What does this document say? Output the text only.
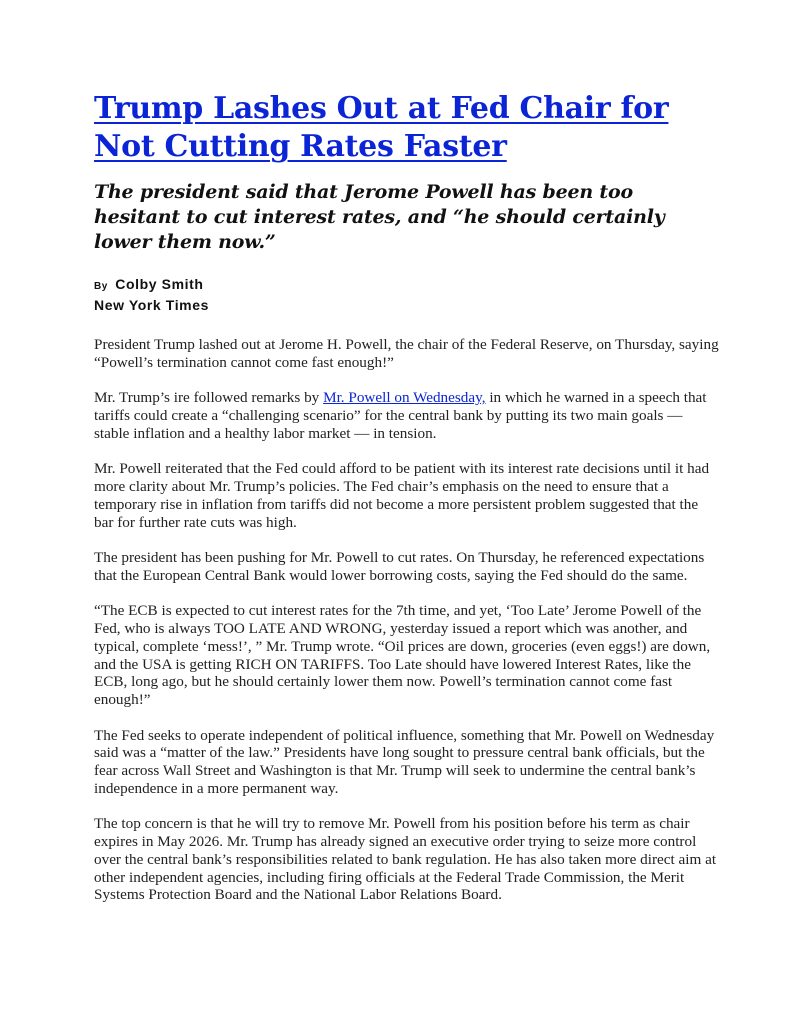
Trump Lashes Out at Fed Chair for Not Cutting Rates Faster
The president said that Jerome Powell has been too hesitant to cut interest rates, and “he should certainly lower them now.”
By Colby Smith
New York Times

President Trump lashed out at Jerome H. Powell, the chair of the Federal Reserve, on Thursday, saying “Powell’s termination cannot come fast enough!”

Mr. Trump’s ire followed remarks by Mr. Powell on Wednesday, in which he warned in a speech that tariffs could create a “challenging scenario” for the central bank by putting its two main goals — stable inflation and a healthy labor market — in tension.

Mr. Powell reiterated that the Fed could afford to be patient with its interest rate decisions until it had more clarity about Mr. Trump’s policies. The Fed chair’s emphasis on the need to ensure that a temporary rise in inflation from tariffs did not become a more persistent problem suggested that the bar for further rate cuts was high.

The president has been pushing for Mr. Powell to cut rates. On Thursday, he referenced expectations that the European Central Bank would lower borrowing costs, saying the Fed should do the same.

“The ECB is expected to cut interest rates for the 7th time, and yet, ‘Too Late’ Jerome Powell of the Fed, who is always TOO LATE AND WRONG, yesterday issued a report which was another, and typical, complete ‘mess!’, ” Mr. Trump wrote. “Oil prices are down, groceries (even eggs!) are down, and the USA is getting RICH ON TARIFFS. Too Late should have lowered Interest Rates, like the ECB, long ago, but he should certainly lower them now. Powell’s termination cannot come fast enough!”

The Fed seeks to operate independent of political influence, something that Mr. Powell on Wednesday said was a “matter of the law.” Presidents have long sought to pressure central bank officials, but the fear across Wall Street and Washington is that Mr. Trump will seek to undermine the central bank’s independence in a more permanent way.

The top concern is that he will try to remove Mr. Powell from his position before his term as chair expires in May 2026. Mr. Trump has already signed an executive order trying to seize more control over the central bank’s responsibilities related to bank regulation. He has also taken more direct aim at other independent agencies, including firing officials at the Federal Trade Commission, the Merit Systems Protection Board and the National Labor Relations Board.
